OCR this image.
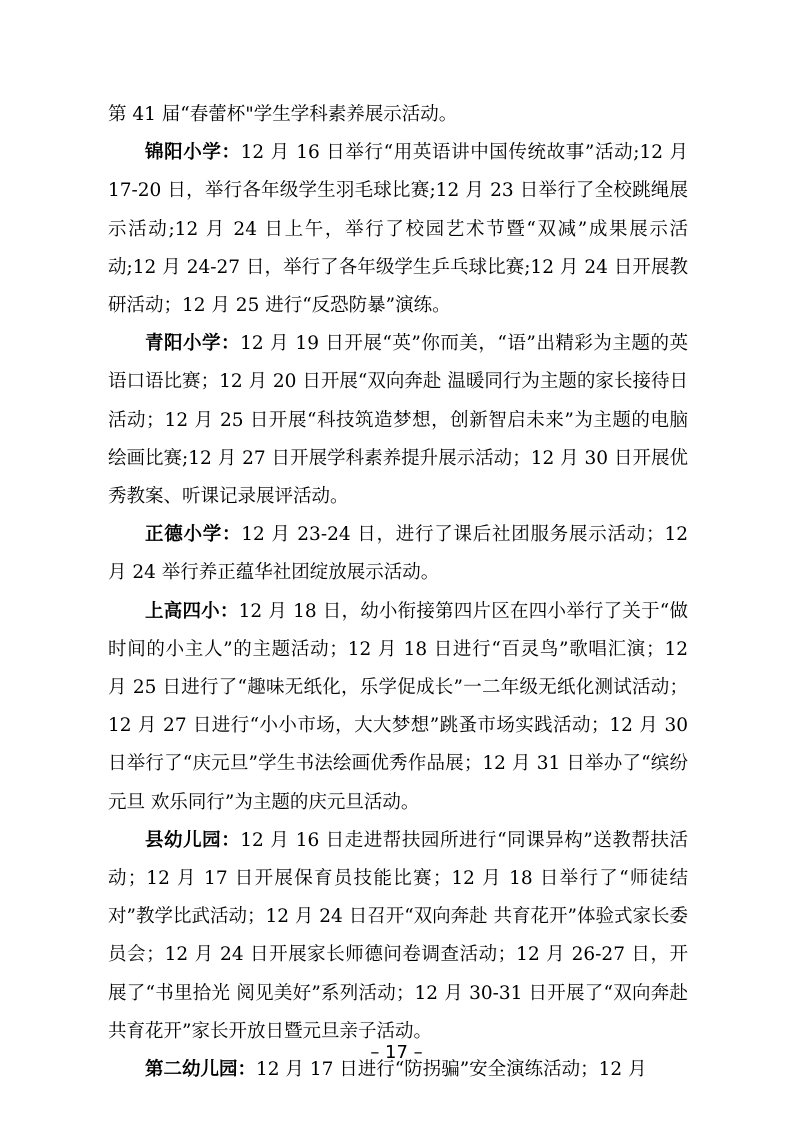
第 41 届“春蕾杯"学生学科素养展示活动。

锦阳小学：12 月 16 日举行“用英语讲中国传统故事”活动;12 月 17-20 日，举行各年级学生羽毛球比赛;12 月 23 日举行了全校跳绳展示活动;12 月 24 日上午，举行了校园艺术节暨“双减”成果展示活动;12 月 24-27 日，举行了各年级学生乒乓球比赛;12 月 24 日开展教研活动；12 月 25 进行“反恐防暴”演练。

青阳小学：12 月 19 日开展“英”你而美，“语”出精彩为主题的英语口语比赛；12 月 20 日开展“双向奔赴 温暖同行为主题的家长接待日活动；12 月 25 日开展“科技筑造梦想，创新智启未来”为主题的电脑绘画比赛;12 月 27 日开展学科素养提升展示活动；12 月 30 日开展优秀教案、听课记录展评活动。

正德小学：12 月 23-24 日，进行了课后社团服务展示活动；12 月 24 举行养正蕴华社团绽放展示活动。

上高四小：12 月 18 日，幼小衔接第四片区在四小举行了关于“做时间的小主人”的主题活动；12 月 18 日进行“百灵鸟”歌唱汇演；12 月 25 日进行了“趣味无纸化，乐学促成长”一二年级无纸化测试活动；12 月 27 日进行“小小市场，大大梦想”跳蚤市场实践活动；12 月 30 日举行了“庆元旦”学生书法绘画优秀作品展；12 月 31 日举办了“缤纷元旦 欢乐同行”为主题的庆元旦活动。

县幼儿园：12 月 16 日走进帮扶园所进行“同课异构”送教帮扶活动；12 月 17 日开展保育员技能比赛；12 月 18 日举行了“师徒结对”教学比武活动；12 月 24 日召开“双向奔赴 共育花开”体验式家长委员会；12 月 24 日开展家长师德问卷调查活动；12 月 26-27 日，开展了“书里拾光 阅见美好”系列活动；12 月 30-31 日开展了“双向奔赴 共育花开”家长开放日暨元旦亲子活动。

第二幼儿园：12 月 17 日进行“防拐骗”安全演练活动；12 月

– 17 –
